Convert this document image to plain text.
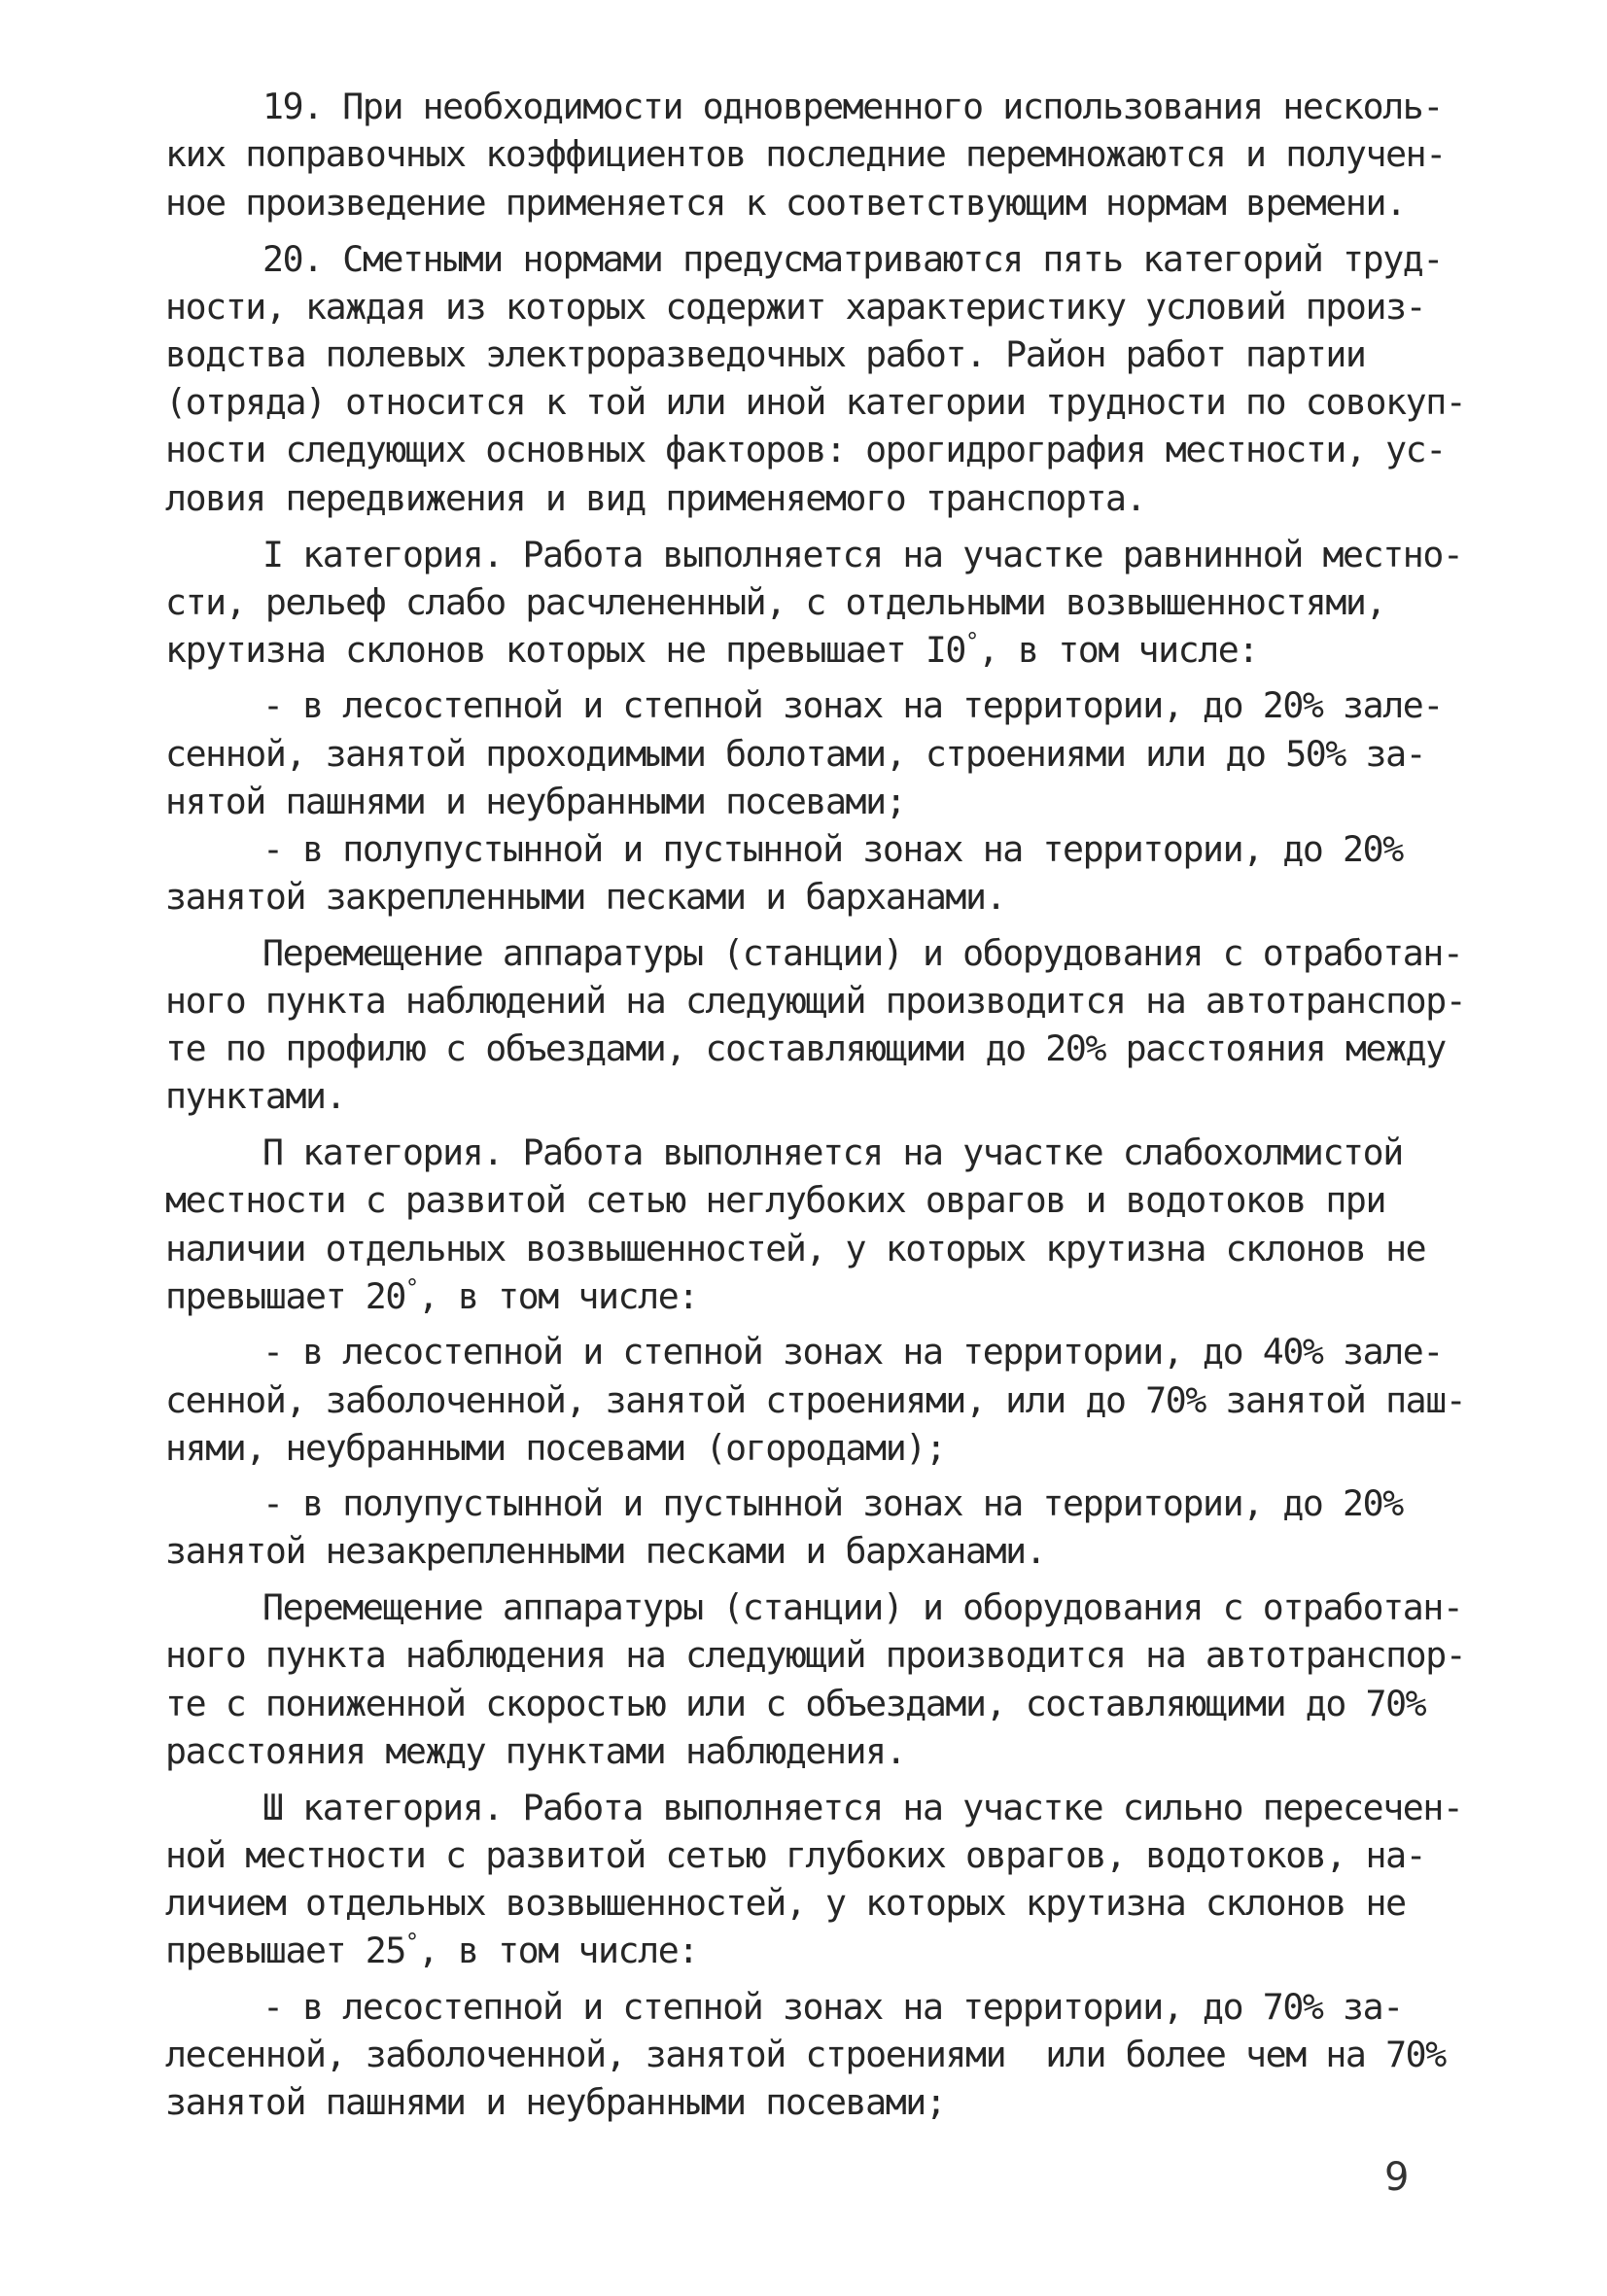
19. При необходимости одновременного использования несколь-
ких поправочных коэффициентов последние перемножаются и получен-
ное произведение применяется к соответствующим нормам времени.
20. Сметными нормами предусматриваются пять категорий труд-
ности, каждая из которых содержит характеристику условий произ-
водства полевых электроразведочных работ. Район работ партии
(отряда) относится к той или иной категории трудности по совокуп-
ности следующих основных факторов: орогидрография местности, ус-
ловия передвижения и вид применяемого транспорта.
I категория. Работа выполняется на участке равнинной местно-
сти, рельеф слабо расчлененный, с отдельными возвышенностями,
крутизна склонов которых не превышает I0°, в том числе:
- в лесостепной и степной зонах на территории, до 20% зале-
сенной, занятой проходимыми болотами, строениями или до 50% за-
нятой пашнями и неубранными посевами;
- в полупустынной и пустынной зонах на территории, до 20%
занятой закрепленными песками и барханами.
Перемещение аппаратуры (станции) и оборудования с отработан-
ного пункта наблюдений на следующий производится на автотранспор-
те по профилю с объездами, составляющими до 20% расстояния между
пунктами.
П категория. Работа выполняется на участке слабохолмистой
местности с развитой сетью неглубоких оврагов и водотоков при
наличии отдельных возвышенностей, у которых крутизна склонов не
превышает 20°, в том числе:
- в лесостепной и степной зонах на территории, до 40% зале-
сенной, заболоченной, занятой строениями, или до 70% занятой паш-
нями, неубранными посевами (огородами);
- в полупустынной и пустынной зонах на территории, до 20%
занятой незакрепленными песками и барханами.
Перемещение аппаратуры (станции) и оборудования с отработан-
ного пункта наблюдения на следующий производится на автотранспор-
те с пониженной скоростью или с объездами, составляющими до 70%
расстояния между пунктами наблюдения.
Ш категория. Работа выполняется на участке сильно пересечен-
ной местности с развитой сетью глубоких оврагов, водотоков, на-
личием отдельных возвышенностей, у которых крутизна склонов не
превышает 25°, в том числе:
- в лесостепной и степной зонах на территории, до 70% за-
лесенной, заболоченной, занятой строениями  или более чем на 70%
занятой пашнями и неубранными посевами;
9
